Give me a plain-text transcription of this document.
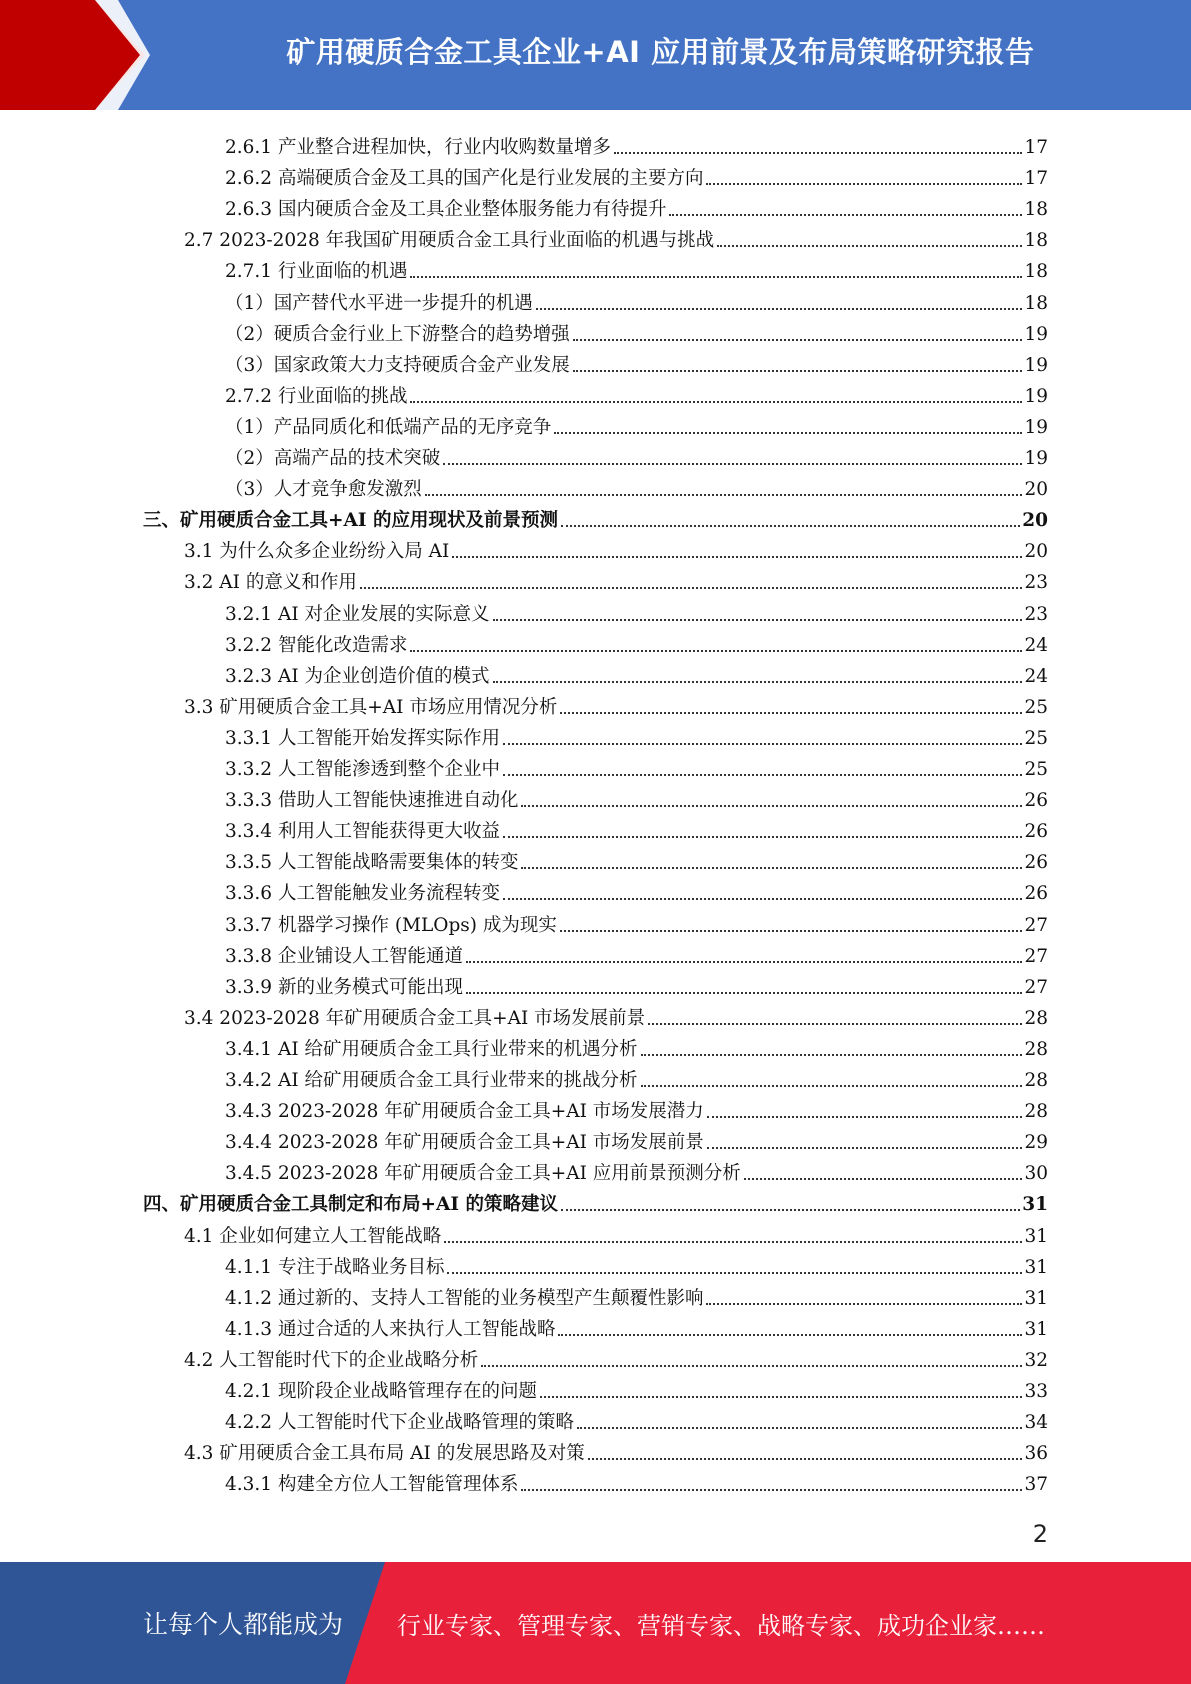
矿用硬质合金工具企业+AI 应用前景及布局策略研究报告
2.6.1 产业整合进程加快，行业内收购数量增多	17
2.6.2 高端硬质合金及工具的国产化是行业发展的主要方向	17
2.6.3 国内硬质合金及工具企业整体服务能力有待提升	18
2.7 2023-2028 年我国矿用硬质合金工具行业面临的机遇与挑战	18
2.7.1 行业面临的机遇	18
（1）国产替代水平进一步提升的机遇	18
（2）硬质合金行业上下游整合的趋势增强	19
（3）国家政策大力支持硬质合金产业发展	19
2.7.2 行业面临的挑战	19
（1）产品同质化和低端产品的无序竞争	19
（2）高端产品的技术突破	19
（3）人才竞争愈发激烈	20
三、矿用硬质合金工具+AI 的应用现状及前景预测	20
3.1 为什么众多企业纷纷入局 AI	20
3.2 AI 的意义和作用	23
3.2.1 AI 对企业发展的实际意义	23
3.2.2 智能化改造需求	24
3.2.3 AI 为企业创造价值的模式	24
3.3 矿用硬质合金工具+AI 市场应用情况分析	25
3.3.1 人工智能开始发挥实际作用	25
3.3.2 人工智能渗透到整个企业中	25
3.3.3 借助人工智能快速推进自动化	26
3.3.4 利用人工智能获得更大收益	26
3.3.5 人工智能战略需要集体的转变	26
3.3.6 人工智能触发业务流程转变	26
3.3.7 机器学习操作 (MLOps) 成为现实	27
3.3.8 企业铺设人工智能通道	27
3.3.9 新的业务模式可能出现	27
3.4 2023-2028 年矿用硬质合金工具+AI 市场发展前景	28
3.4.1 AI 给矿用硬质合金工具行业带来的机遇分析	28
3.4.2 AI 给矿用硬质合金工具行业带来的挑战分析	28
3.4.3 2023-2028 年矿用硬质合金工具+AI 市场发展潜力	28
3.4.4 2023-2028 年矿用硬质合金工具+AI 市场发展前景	29
3.4.5 2023-2028 年矿用硬质合金工具+AI 应用前景预测分析	30
四、矿用硬质合金工具制定和布局+AI 的策略建议	31
4.1 企业如何建立人工智能战略	31
4.1.1 专注于战略业务目标	31
4.1.2 通过新的、支持人工智能的业务模型产生颠覆性影响	31
4.1.3 通过合适的人来执行人工智能战略	31
4.2 人工智能时代下的企业战略分析	32
4.2.1 现阶段企业战略管理存在的问题	33
4.2.2 人工智能时代下企业战略管理的策略	34
4.3 矿用硬质合金工具布局 AI 的发展思路及对策	36
4.3.1 构建全方位人工智能管理体系	37
2
让每个人都能成为 行业专家、管理专家、营销专家、战略专家、成功企业家……
